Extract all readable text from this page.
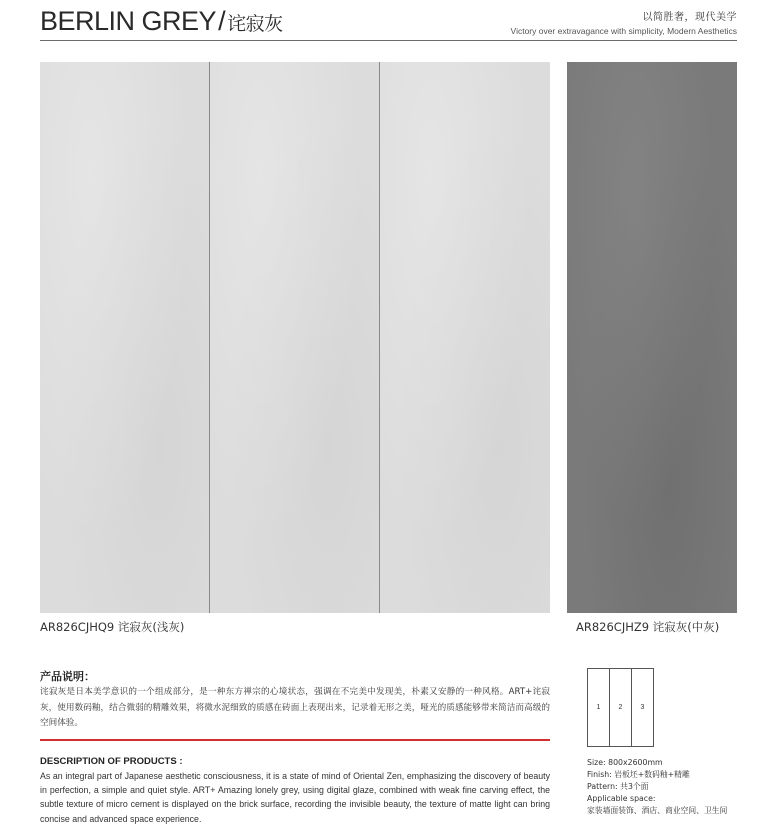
BERLIN GREY/ 诧寂灰	以简胜奢，现代美学
Victory over extravagance with simplicity, Modern Aesthetics
AR826CJHQ9 诧寂灰(浅灰)	AR826CJHZ9 诧寂灰(中灰)
产品说明：
诧寂灰是日本美学意识的一个组成部分，是一种东方禅宗的心境状态，强调在不完美中发现美，朴素又安静的一种风格。ART+诧寂灰，使用数码釉，结合微弱的精雕效果，将微水泥细致的质感在砖面上表现出来，记录着无形之美，哑光的质感能够带来简洁而高级的空间体验。
DESCRIPTION OF PRODUCTS :
As an integral part of Japanese aesthetic consciousness, it is a state of mind of Oriental Zen, emphasizing the discovery of beauty in perfection, a simple and quiet style. ART+ Amazing lonely grey, using digital glaze, combined with weak fine carving effect, the subtle texture of micro cement is displayed on the brick surface, recording the invisible beauty, the texture of matte light can bring concise and advanced space experience.
1	2	3
Size: 800x2600mm
Finish: 岩板坯+数码釉+精雕
Pattern: 共3个面
Applicable space:
家装墙面装饰、酒店、商业空间、卫生间
